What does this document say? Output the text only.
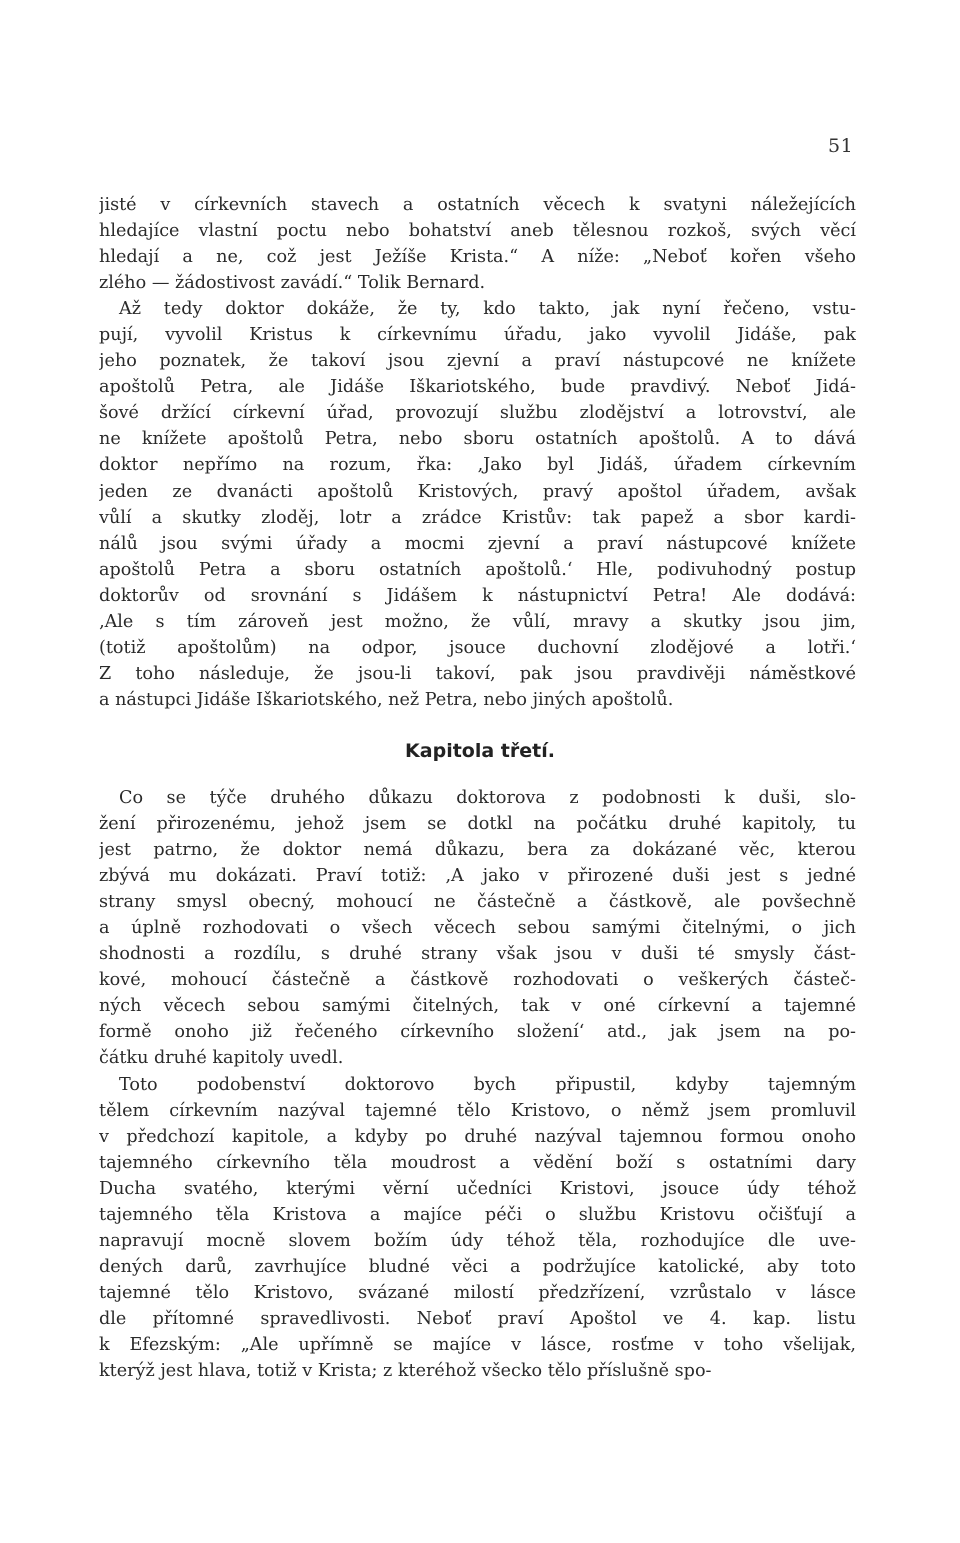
51
jisté v církevních stavech a ostatních věcech k svatyni náležejících
hledajíce vlastní poctu nebo bohatství aneb tělesnou rozkoš, svých věcí
hledají a ne, což jest Ježíše Krista.“ A níže: „Neboť kořen všeho
zlého — žádostivost zavádí.“ Tolik Bernard.
Až tedy doktor dokáže, že ty, kdo takto, jak nyní řečeno, vstu-
pují, vyvolil Kristus k církevnímu úřadu, jako vyvolil Jidáše, pak
jeho poznatek, že takoví jsou zjevní a praví nástupcové ne knížete
apoštolů Petra, ale Jidáše Iškariotského, bude pravdivý. Neboť Jidá-
šové držící církevní úřad, provozují službu zlodějství a lotrovství, ale
ne knížete apoštolů Petra, nebo sboru ostatních apoštolů. A to dává
doktor nepřímo na rozum, řka: ‚Jako byl Jidáš, úřadem církevním
jeden ze dvanácti apoštolů Kristových, pravý apoštol úřadem, avšak
vůlí a skutky zloděj, lotr a zrádce Kristův: tak papež a sbor kardi-
nálů jsou svými úřady a mocmi zjevní a praví nástupcové knížete
apoštolů Petra a sboru ostatních apoštolů.‘ Hle, podivuhodný postup
doktorův od srovnání s Jidášem k nástupnictví Petra! Ale dodává:
‚Ale s tím zároveň jest možno, že vůlí, mravy a skutky jsou jim,
(totiž apoštolům) na odpor, jsouce duchovní zlodějové a lotři.‘
Z toho následuje, že jsou-li takoví, pak jsou pravdivěji náměstkové
a nástupci Jidáše Iškariotského, než Petra, nebo jiných apoštolů.
Kapitola třetí.
Co se týče druhého důkazu doktorova z podobnosti k duši, slo-
žení přirozenému, jehož jsem se dotkl na počátku druhé kapitoly, tu
jest patrno, že doktor nemá důkazu, bera za dokázané věc, kterou
zbývá mu dokázati. Praví totiž: ‚A jako v přirozené duši jest s jedné
strany smysl obecný, mohoucí ne částečně a částkově, ale povšechně
a úplně rozhodovati o všech věcech sebou samými čitelnými, o jich
shodnosti a rozdílu, s druhé strany však jsou v duši té smysly část-
kové, mohoucí částečně a částkově rozhodovati o veškerých částeč-
ných věcech sebou samými čitelných, tak v oné církevní a tajemné
formě onoho již řečeného církevního složení‘ atd., jak jsem na po-
čátku druhé kapitoly uvedl.
Toto podobenství doktorovo bych připustil, kdyby tajemným
tělem církevním nazýval tajemné tělo Kristovo, o němž jsem promluvil
v předchozí kapitole, a kdyby po druhé nazýval tajemnou formou onoho
tajemného církevního těla moudrost a vědění boží s ostatními dary
Ducha svatého, kterými věrní učedníci Kristovi, jsouce údy téhož
tajemného těla Kristova a majíce péči o službu Kristovu očišťují a
napravují mocně slovem božím údy téhož těla, rozhodujíce dle uve-
dených darů, zavrhujíce bludné věci a podržujíce katolické, aby toto
tajemné tělo Kristovo, svázané milostí předzřízení, vzrůstalo v lásce
dle přítomné spravedlivosti. Neboť praví Apoštol ve 4. kap. listu
k Efezským: „Ale upřímně se majíce v lásce, rosťme v toho všelijak,
kterýž jest hlava, totiž v Krista; z kteréhož všecko tělo příslušně spo-
